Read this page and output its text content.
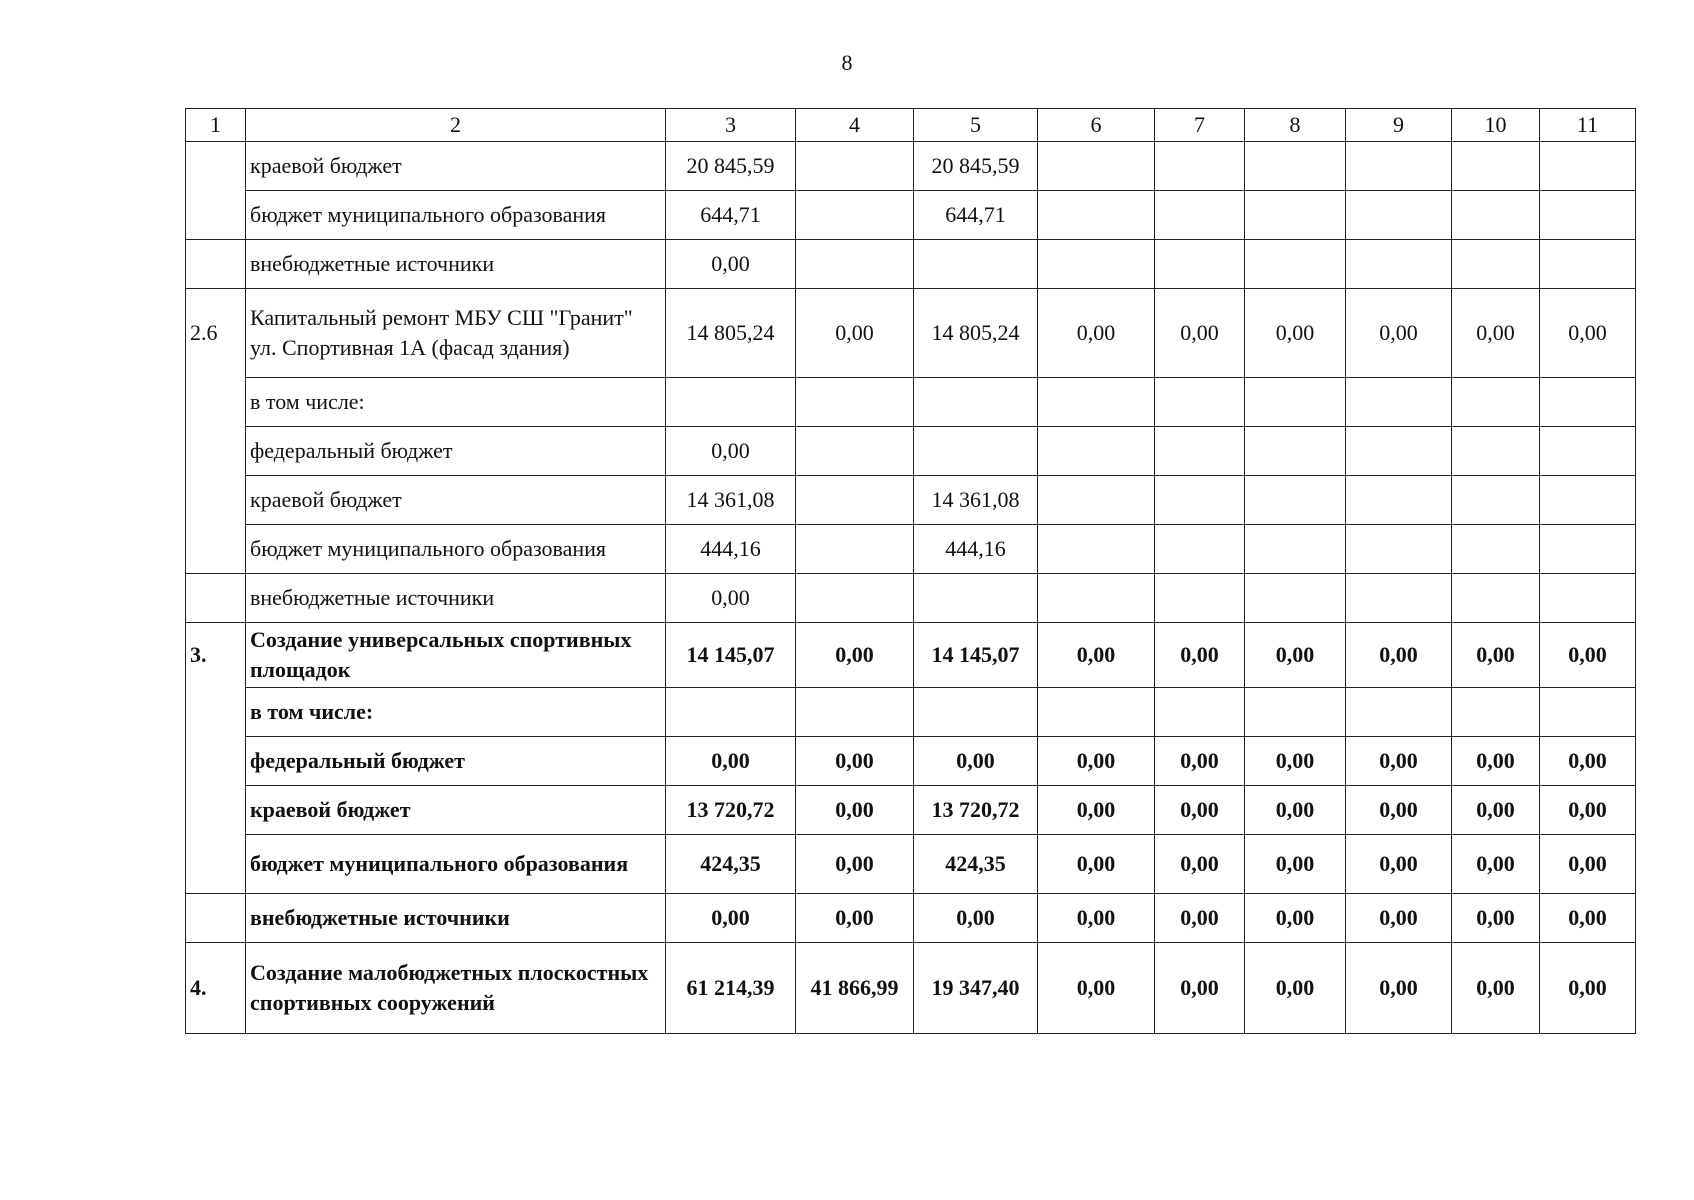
8
1	2	3	4	5	6	7	8	9	10	11
	краевой бюджет	20 845,59		20 845,59						
	бюджет муниципального образования	644,71		644,71						
	внебюджетные источники	0,00								
2.6	Капитальный ремонт МБУ СШ "Гранит" ул. Спортивная 1А (фасад здания)	14 805,24	0,00	14 805,24	0,00	0,00	0,00	0,00	0,00	0,00
	в том числе:									
	федеральный бюджет	0,00								
	краевой бюджет	14 361,08		14 361,08						
	бюджет муниципального образования	444,16		444,16						
	внебюджетные источники	0,00								
3.	Создание универсальных спортивных площадок	14 145,07	0,00	14 145,07	0,00	0,00	0,00	0,00	0,00	0,00
	в том числе:									
	федеральный бюджет	0,00	0,00	0,00	0,00	0,00	0,00	0,00	0,00	0,00
	краевой бюджет	13 720,72	0,00	13 720,72	0,00	0,00	0,00	0,00	0,00	0,00
	бюджет муниципального образования	424,35	0,00	424,35	0,00	0,00	0,00	0,00	0,00	0,00
	внебюджетные источники	0,00	0,00	0,00	0,00	0,00	0,00	0,00	0,00	0,00
4.	Создание малобюджетных плоскостных спортивных сооружений	61 214,39	41 866,99	19 347,40	0,00	0,00	0,00	0,00	0,00	0,00
